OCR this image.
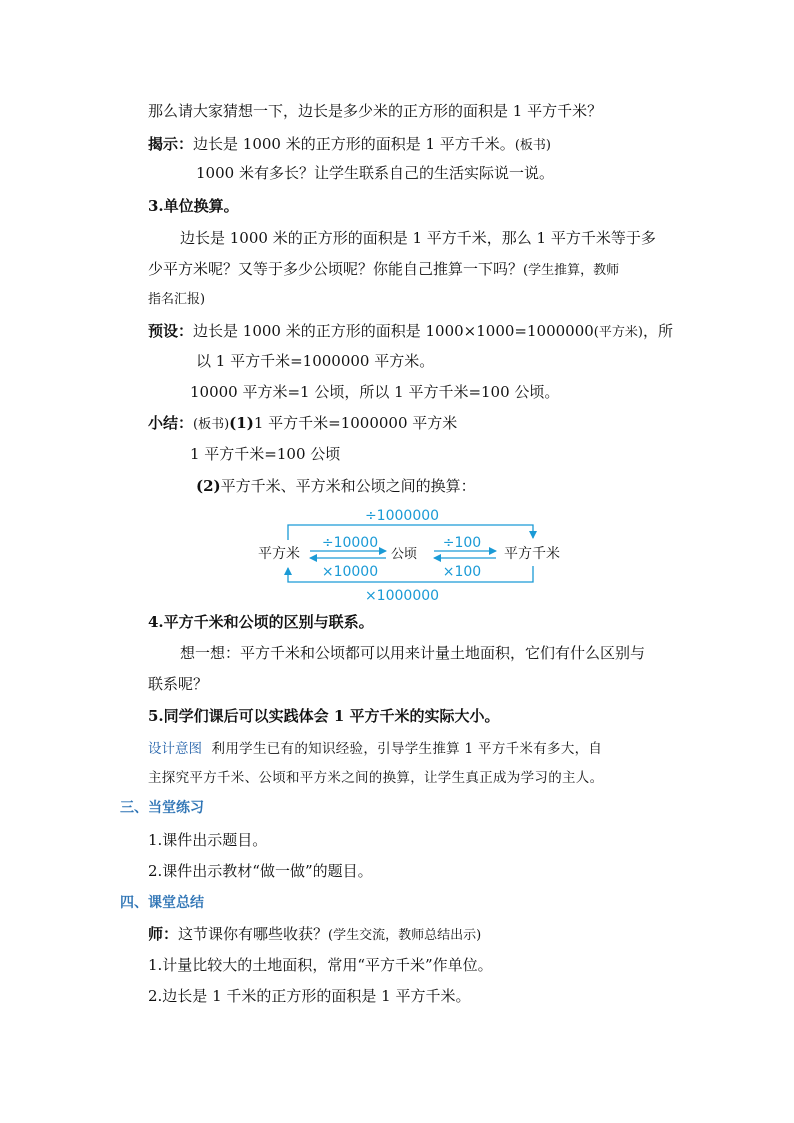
那么请大家猜想一下，边长是多少米的正方形的面积是 1 平方千米？
揭示：边长是 1000 米的正方形的面积是 1 平方千米。(板书)
1000 米有多长？让学生联系自己的生活实际说一说。
3.单位换算。
边长是 1000 米的正方形的面积是 1 平方千米，那么 1 平方千米等于多
少平方米呢？又等于多少公顷呢？你能自己推算一下吗？(学生推算，教师
指名汇报)
预设：边长是 1000 米的正方形的面积是 1000×1000=1000000(平方米)，所
以 1 平方千米=1000000 平方米。
10000 平方米=1 公顷，所以 1 平方千米=100 公顷。
小结：(板书)(1)1 平方千米=1000000 平方米
1 平方千米=100 公顷
(2)平方千米、平方米和公顷之间的换算：
÷1000000
平方米
÷10000
×10000
公顷
÷100
×100
平方千米
×1000000
4.平方千米和公顷的区别与联系。
想一想：平方千米和公顷都可以用来计量土地面积，它们有什么区别与
联系呢？
5.同学们课后可以实践体会 1 平方千米的实际大小。
设计意图 利用学生已有的知识经验，引导学生推算 1 平方千米有多大，自
主探究平方千米、公顷和平方米之间的换算，让学生真正成为学习的主人。
三、当堂练习
1.课件出示题目。
2.课件出示教材“做一做”的题目。
四、课堂总结
师：这节课你有哪些收获？(学生交流，教师总结出示)
1.计量比较大的土地面积，常用“平方千米”作单位。
2.边长是 1 千米的正方形的面积是 1 平方千米。
